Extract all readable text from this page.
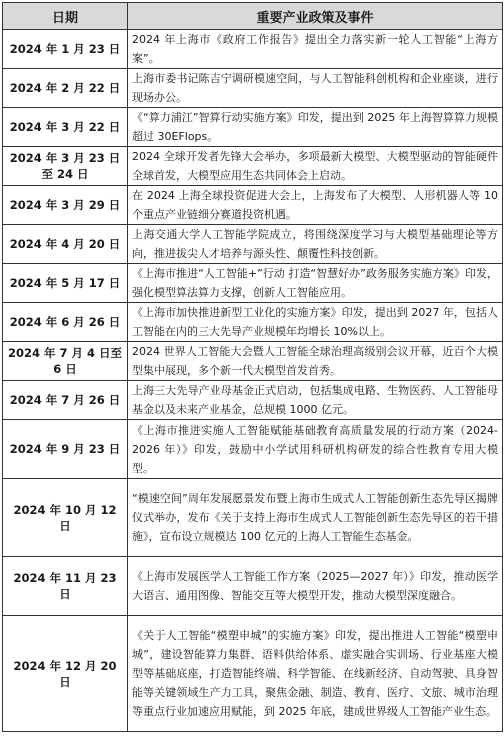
日期	重要产业政策及事件
2024 年 1 月 23 日	2024 年上海市《政府工作报告》提出全力落实新一轮人工智能“上海方案”。
2024 年 2 月 22 日	上海市委书记陈吉宁调研模速空间，与人工智能科创机构和企业座谈，进行现场办公。
2024 年 3 月 22 日	《“算力浦江”智算行动实施方案》印发，提出到 2025 年上海智算算力规模超过 30EFlops。
2024 年 3 月 23 日至 24 日	2024 全球开发者先锋大会举办，多项最新大模型、大模型驱动的智能硬件全球首发，大模型应用生态共同体会上启动。
2024 年 3 月 29 日	在 2024 上海全球投资促进大会上，上海发布了大模型、人形机器人等 10 个重点产业链细分赛道投资机遇。
2024 年 4 月 20 日	上海交通大学人工智能学院成立，将围绕深度学习与大模型基础理论等方向，推进拔尖人才培养与源头性、颠覆性科技创新。
2024 年 5 月 17 日	《上海市推进“人工智能+”行动 打造“智慧好办”政务服务实施方案》印发，强化模型算法算力支撑，创新人工智能应用。
2024 年 6 月 26 日	《上海市加快推进新型工业化的实施方案》印发，提出到 2027 年，包括人工智能在内的三大先导产业规模年均增长 10%以上。
2024 年 7 月 4 日至 6 日	2024 世界人工智能大会暨人工智能全球治理高级别会议开幕，近百个大模型集中展现，多个新一代大模型首发首秀。
2024 年 7 月 26 日	上海三大先导产业母基金正式启动，包括集成电路、生物医药、人工智能母基金以及未来产业基金，总规模 1000 亿元。
2024 年 9 月 23 日	《上海市推进实施人工智能赋能基础教育高质量发展的行动方案（2024-2026 年）》印发，鼓励中小学试用科研机构研发的综合性教育专用大模型。
2024 年 10 月 12 日	“模速空间”周年发展愿景发布暨上海市生成式人工智能创新生态先导区揭牌仪式举办，发布《关于支持上海市生成式人工智能创新生态先导区的若干措施》，宣布设立规模达 100 亿元的上海人工智能生态基金。
2024 年 11 月 23 日	《上海市发展医学人工智能工作方案（2025—2027 年）》印发，推动医学大语言、通用图像、智能交互等大模型开发，推动大模型深度融合。
2024 年 12 月 20 日	《关于人工智能“模塑申城”的实施方案》印发，提出推进人工智能“模塑申城”，建设智能算力集群、语料供给体系、虚实融合实训场、行业基座大模型等基础底座，打造智能终端、科学智能、在线新经济、自动驾驶、具身智能等关键领域生产力工具，聚焦金融、制造、教育、医疗、文旅、城市治理等重点行业加速应用赋能，到 2025 年底，建成世界级人工智能产业生态。
